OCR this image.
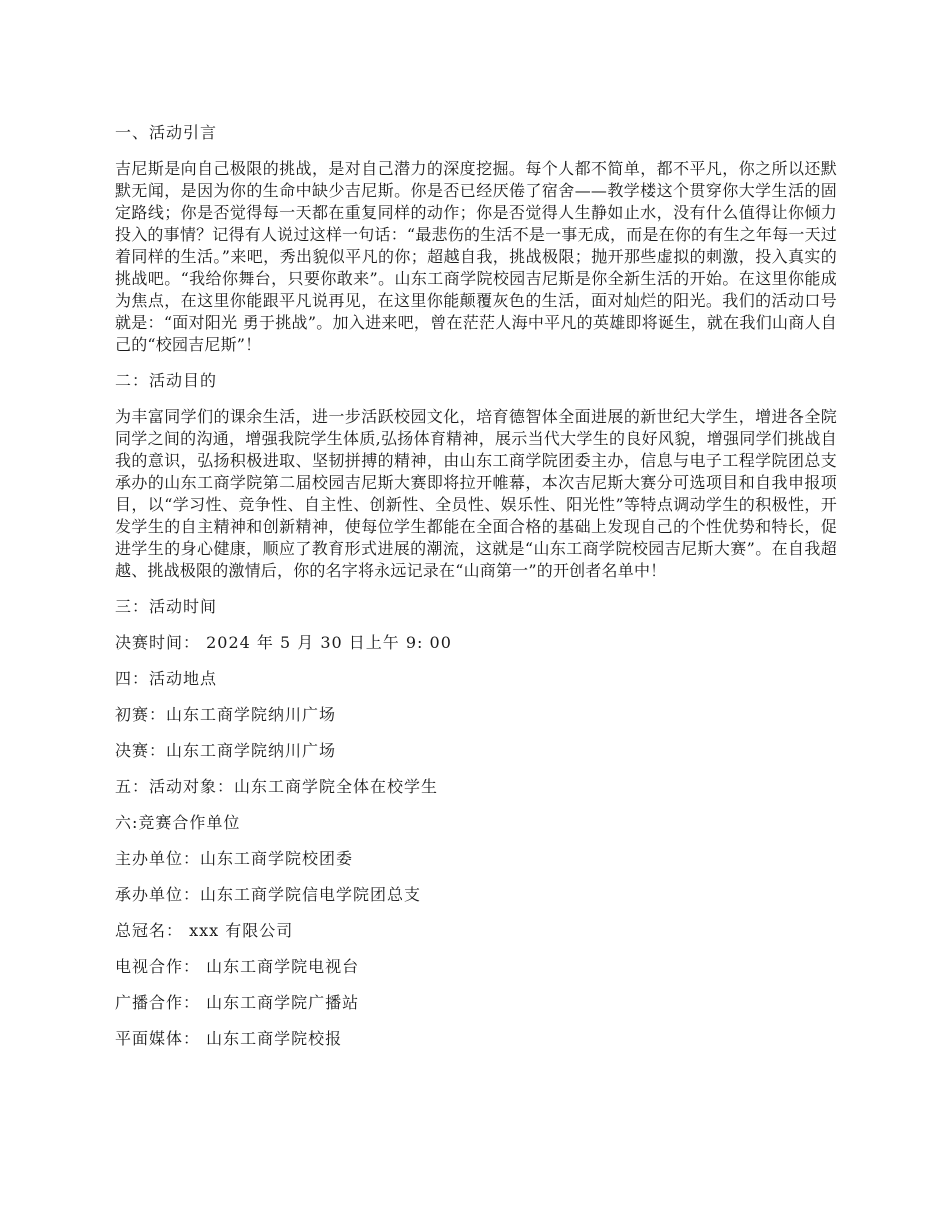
一、活动引言

吉尼斯是向自己极限的挑战，是对自己潜力的深度挖掘。每个人都不简单，都不平凡，你之所以还默默无闻，是因为你的生命中缺少吉尼斯。你是否已经厌倦了宿舍——教学楼这个贯穿你大学生活的固定路线；你是否觉得每一天都在重复同样的动作；你是否觉得人生静如止水，没有什么值得让你倾力投入的事情？记得有人说过这样一句话：“最悲伤的生活不是一事无成，而是在你的有生之年每一天过着同样的生活。”来吧，秀出貌似平凡的你；超越自我，挑战极限；抛开那些虚拟的刺激，投入真实的挑战吧。“我给你舞台，只要你敢来”。山东工商学院校园吉尼斯是你全新生活的开始。在这里你能成为焦点，在这里你能跟平凡说再见，在这里你能颠覆灰色的生活，面对灿烂的阳光。我们的活动口号就是：“面对阳光 勇于挑战”。加入进来吧，曾在茫茫人海中平凡的英雄即将诞生，就在我们山商人自己的“校园吉尼斯”！

二：活动目的

为丰富同学们的课余生活，进一步活跃校园文化，培育德智体全面进展的新世纪大学生，增进各全院同学之间的沟通，增强我院学生体质,弘扬体育精神，展示当代大学生的良好风貌，增强同学们挑战自我的意识，弘扬积极进取、坚韧拼搏的精神，由山东工商学院团委主办，信息与电子工程学院团总支承办的山东工商学院第二届校园吉尼斯大赛即将拉开帷幕，本次吉尼斯大赛分可选项目和自我申报项目，以“学习性、竞争性、自主性、创新性、全员性、娱乐性、阳光性”等特点调动学生的积极性，开发学生的自主精神和创新精神，使每位学生都能在全面合格的基础上发现自己的个性优势和特长，促进学生的身心健康，顺应了教育形式进展的潮流，这就是“山东工商学院校园吉尼斯大赛”。在自我超越、挑战极限的激情后，你的名字将永远记录在“山商第一”的开创者名单中！

三：活动时间

决赛时间： 2024 年 5 月 30 日上午 9: 00

四：活动地点

初赛：山东工商学院纳川广场

决赛：山东工商学院纳川广场

五：活动对象：山东工商学院全体在校学生

六:竞赛合作单位

主办单位：山东工商学院校团委

承办单位：山东工商学院信电学院团总支

总冠名： xxx 有限公司

电视合作： 山东工商学院电视台

广播合作： 山东工商学院广播站

平面媒体： 山东工商学院校报
